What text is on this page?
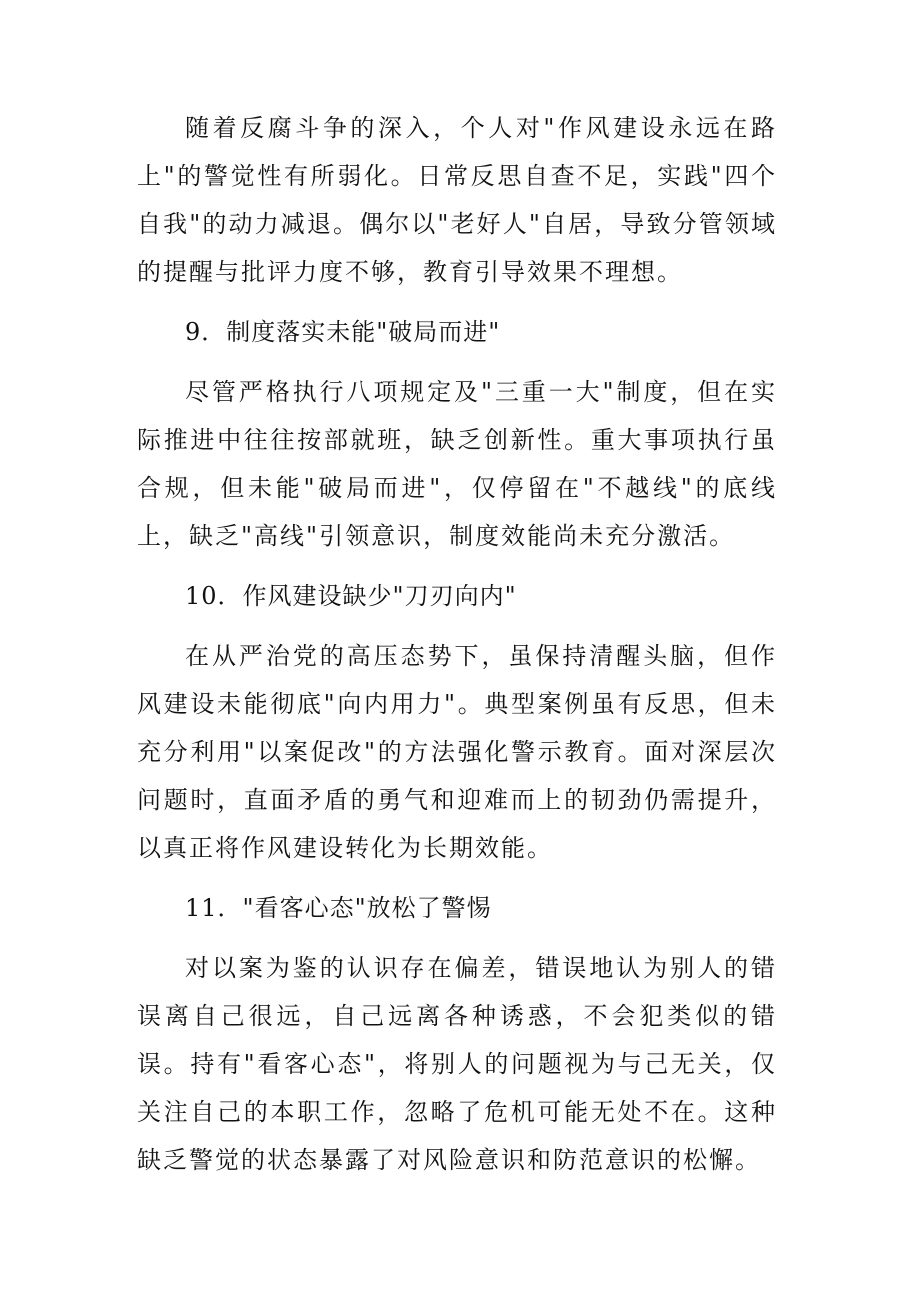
随着反腐斗争的深入，个人对"作风建设永远在路上"的警觉性有所弱化。日常反思自查不足，实践"四个自我"的动力减退。偶尔以"老好人"自居，导致分管领域的提醒与批评力度不够，教育引导效果不理想。

9．制度落实未能"破局而进"

尽管严格执行八项规定及"三重一大"制度，但在实际推进中往往按部就班，缺乏创新性。重大事项执行虽合规，但未能"破局而进"，仅停留在"不越线"的底线上，缺乏"高线"引领意识，制度效能尚未充分激活。

10．作风建设缺少"刀刃向内"

在从严治党的高压态势下，虽保持清醒头脑，但作风建设未能彻底"向内用力"。典型案例虽有反思，但未充分利用"以案促改"的方法强化警示教育。面对深层次问题时，直面矛盾的勇气和迎难而上的韧劲仍需提升，以真正将作风建设转化为长期效能。

11．"看客心态"放松了警惕

对以案为鉴的认识存在偏差，错误地认为别人的错误离自己很远，自己远离各种诱惑，不会犯类似的错误。持有"看客心态"，将别人的问题视为与己无关，仅关注自己的本职工作，忽略了危机可能无处不在。这种缺乏警觉的状态暴露了对风险意识和防范意识的松懈。
